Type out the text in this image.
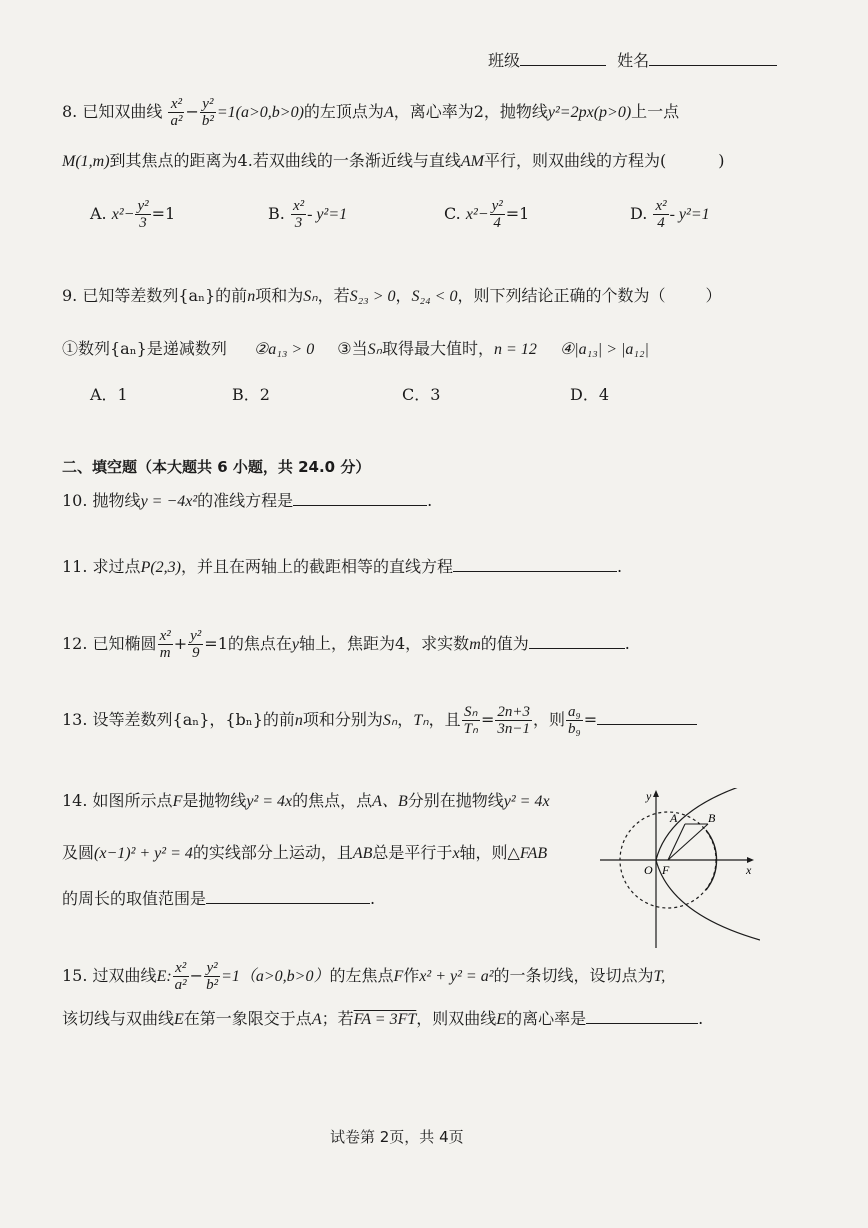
班级	姓名
8. 已知双曲线 $\frac{\text{x²}}{\text{a²}} - \frac{\text{y²}}{\text{b²}} =1(a>0,b>0)$的左顶点为A，离心率为2，抛物线y²=2px(p>0)上一点
M(1,m)到其焦点的距离为4.若双曲线的一条渐近线与直线AM平行，则双曲线的方程为(	)
A. $x^2- \frac{\text{y²}}{3} =1$	B. $\frac{\text{x²}}{3} - y^2=1$	C. $x^2- \frac{\text{y²}}{4} =1$	D. $\frac{\text{x²}}{4} - y^2=1$
9. 已知等差数列{aₙ}的前n项和为Sₙ，若S₂₃ > 0，S₂₄ < 0，则下列结论正确的个数为（	）
①数列{aₙ}是递减数列 ②a₁₃ > 0 ③当Sₙ取得最大值时，n = 12 ④|a₁₃| > |a₁₂|
A．1	B．2	C．3	D．4
二、填空题（本大题共 6 小题，共 24.0 分）
10. 抛物线y = −4x²的准线方程是	.
11. 求过点P(2,3)，并且在两轴上的截距相等的直线方程	.
12. 已知椭圆 $\frac{\text{x²}}{m} + \frac{\text{y²}}{9} =1$的焦点在y轴上，焦距为4，求实数m的值为	.
13. 设等差数列{aₙ}，{bₙ}的前n项和分别为Sₙ，Tₙ，且 $\frac{\text{Sₙ}}{\text{Tₙ}} = \frac{2n+3}{3n-1}$ ，则 $\frac{\text{a₉}}{\text{b₉}}$ =
14. 如图所示点F是抛物线y² = 4x的焦点，点A、B分别在抛物线y² = 4x
及圆(x−1)² + y² = 4的实线部分上运动，且AB总是平行于x轴，则△FAB
的周长的取值范围是	.
y
x
A	B
O F
15. 过双曲线E: $\frac{\text{x²}}{\text{a²}} - \frac{\text{y²}}{\text{b²}} =1(a>0,b>0)$的左焦点F作x² + y² = a²的一条切线，设切点为T,
该切线与双曲线E在第一象限交于点A；若FA = 3FT，则双曲线E的离心率是	.
试卷第 2页，共 4页
